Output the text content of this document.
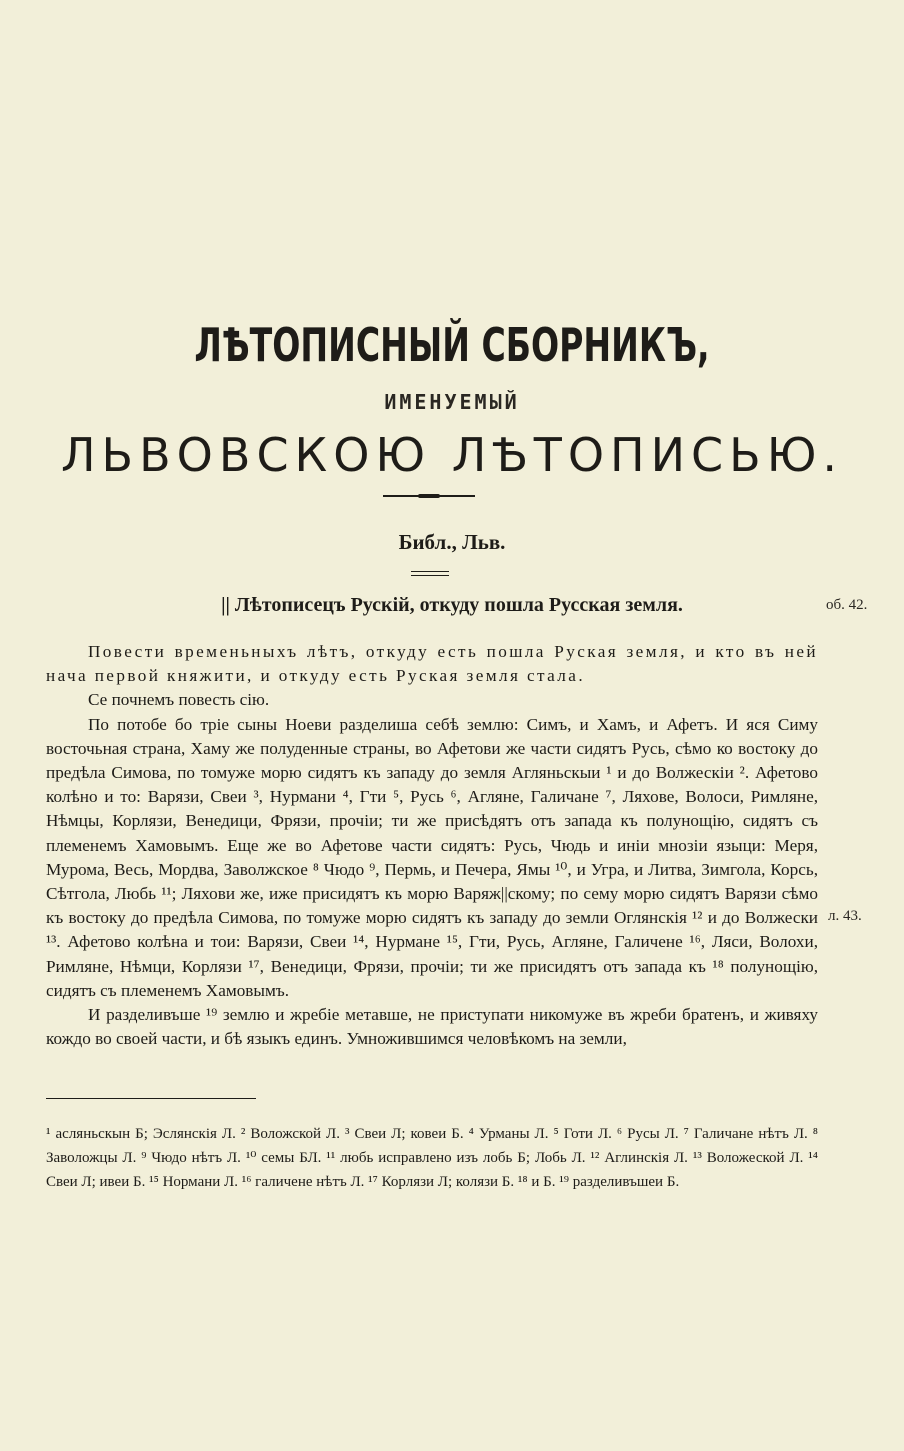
ЛѢТОПИСНЫЙ СБОРНИКЪ,
ИМЕНУЕМЫЙ
ЛЬВОВСКОЮ ЛѢТОПИСЬЮ.
Библ., Льв.
|| Лѣтописецъ Рускій, откуду пошла Русская земля.	об. 42.
л. 43.

Повести временьныхъ лѣтъ, откуду есть пошла Руская земля, и кто въ ней нача первой княжити, и откуду есть Руская земля стала.

Се почнемъ повесть сію.

По потобе бо тріе сыны Ноеви разделиша себѣ землю: Симъ, и Хамъ, и Афетъ. И яся Симу восточьная страна, Хаму же полуденные страны, во Афетови же части сидятъ Русь, сѣмо ко востоку до предѣла Симова, по томуже морю сидятъ къ западу до земля Агляньскыи ¹ и до Волжескіи ². Афетово колѣно и то: Варязи, Свеи ³, Нурмани ⁴, Гти ⁵, Русь ⁶, Агляне, Галичане ⁷, Ляхове, Волоси, Римляне, Нѣмцы, Корлязи, Венедици, Фрязи, прочіи; ти же присѣдятъ отъ запада къ полунощію, сидятъ съ племенемъ Хамовымъ. Еще же во Афетове части сидятъ: Русь, Чюдь и иніи мнозіи языци: Меря, Мурома, Весь, Мордва, Заволжское ⁸ Чюдо ⁹, Пермь, и Печера, Ямы ¹⁰, и Угра, и Литва, Зимгола, Корсь, Сѣтгола, Любь ¹¹; Ляхови же, иже присидятъ къ морю Варяж||скому; по сему морю сидятъ Варязи сѣмо къ востоку до предѣла Симова, по томуже морю сидятъ къ западу до земли Оглянскія ¹² и до Волжески ¹³. Афетово колѣна и тои: Варязи, Свеи ¹⁴, Нурмане ¹⁵, Гти, Русь, Агляне, Галичене ¹⁶, Ляси, Волохи, Римляне, Нѣмци, Корлязи ¹⁷, Венедици, Фрязи, прочіи; ти же присидятъ отъ запада къ ¹⁸ полунощію, сидятъ съ племенемъ Хамовымъ.

И разделивъше ¹⁹ землю и жребіе метавше, не приступати никомуже въ жреби братенъ, и живяху кождо во своей части, и бѣ языкъ единъ. Умножившимся человѣкомъ на земли,

¹ асляньскын Б; Эслянскія Л. ² Воложской Л. ³ Свеи Л; ковеи Б. ⁴ Урманы Л. ⁵ Готи Л. ⁶ Русы Л. ⁷ Галичане нѣтъ Л. ⁸ Заволожцы Л. ⁹ Чюдо нѣтъ Л. ¹⁰ семы БЛ. ¹¹ любь исправлено изъ лобь Б; Лобь Л. ¹² Аглинскія Л. ¹³ Воложеской Л. ¹⁴ Свеи Л; ивеи Б. ¹⁵ Нормани Л. ¹⁶ галичене нѣтъ Л. ¹⁷ Корлязи Л; колязи Б. ¹⁸ и Б. ¹⁹ разделивъшеи Б.
